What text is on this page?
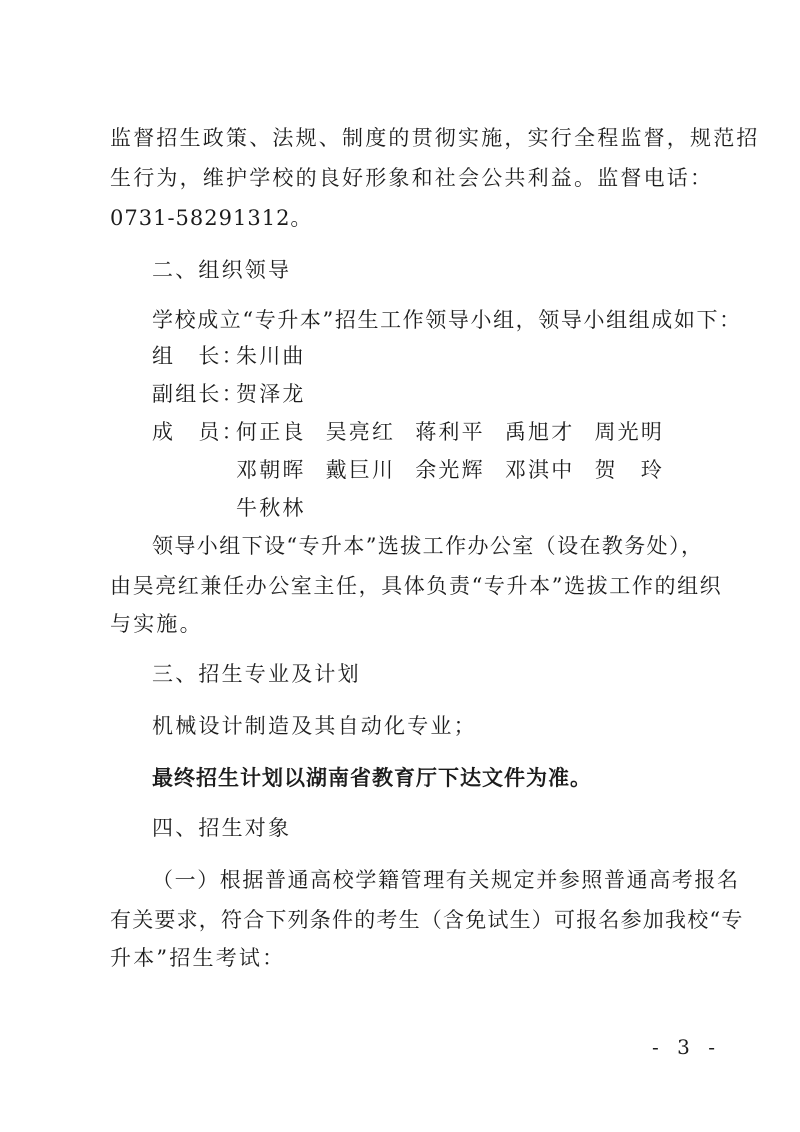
监督招生政策、法规、制度的贯彻实施，实行全程监督，规范招
生行为，维护学校的良好形象和社会公共利益。监督电话：
0731-58291312。
二、组织领导
学校成立“专升本”招生工作领导小组，领导小组组成如下：
组　长：朱川曲
副组长：贺泽龙
成　员：何正良 吴亮红 蒋利平 禹旭才 周光明
邓朝晖 戴巨川 余光辉 邓淇中 贺　玲
牛秋林
领导小组下设“专升本”选拔工作办公室（设在教务处），
由吴亮红兼任办公室主任，具体负责“专升本”选拔工作的组织
与实施。
三、招生专业及计划
机械设计制造及其自动化专业；
最终招生计划以湖南省教育厅下达文件为准。
四、招生对象
（一）根据普通高校学籍管理有关规定并参照普通高考报名
有关要求，符合下列条件的考生（含免试生）可报名参加我校“专
升本”招生考试：
- 3 -
